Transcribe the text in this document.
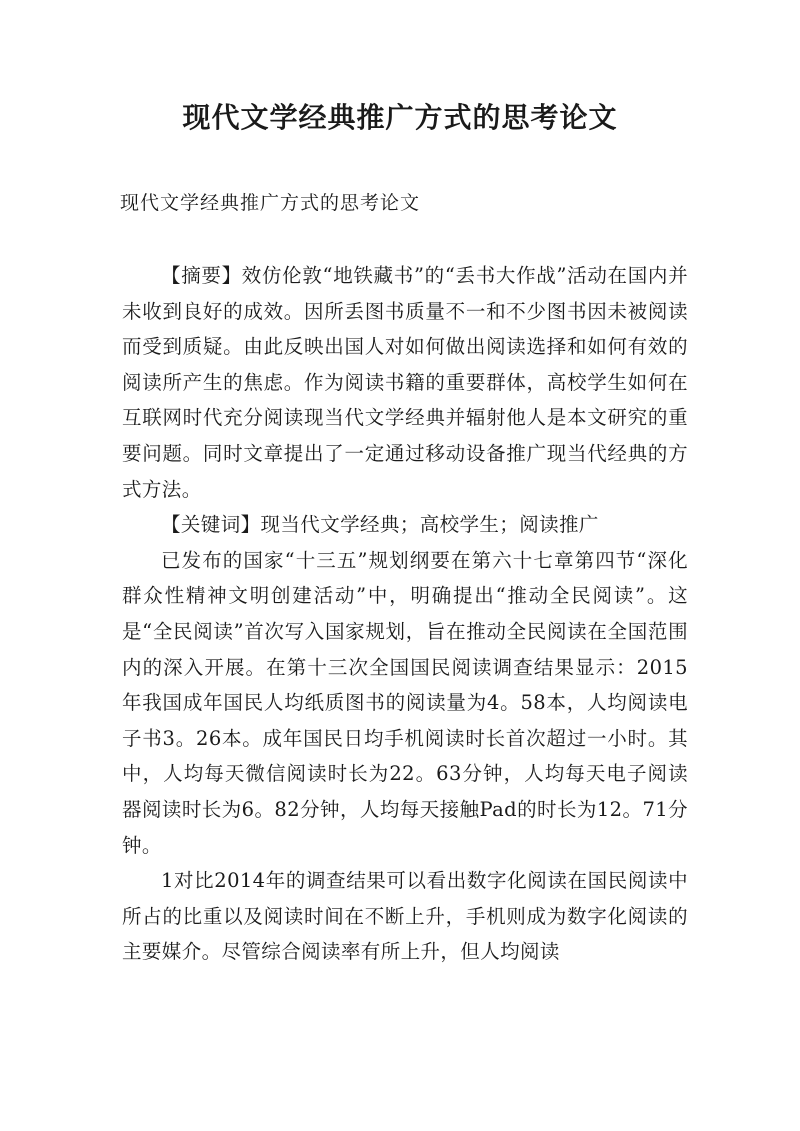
现代文学经典推广方式的思考论文
现代文学经典推广方式的思考论文

【摘要】效仿伦敦“地铁藏书”的“丢书大作战”活动在国内并未收到良好的成效。因所丢图书质量不一和不少图书因未被阅读而受到质疑。由此反映出国人对如何做出阅读选择和如何有效的阅读所产生的焦虑。作为阅读书籍的重要群体，高校学生如何在互联网时代充分阅读现当代文学经典并辐射他人是本文研究的重要问题。同时文章提出了一定通过移动设备推广现当代经典的方式方法。

【关键词】现当代文学经典；高校学生；阅读推广

已发布的国家“十三五”规划纲要在第六十七章第四节“深化群众性精神文明创建活动”中，明确提出“推动全民阅读”。这是“全民阅读”首次写入国家规划，旨在推动全民阅读在全国范围内的深入开展。在第十三次全国国民阅读调查结果显示：2015年我国成年国民人均纸质图书的阅读量为4。58本，人均阅读电子书3。26本。成年国民日均手机阅读时长首次超过一小时。其中，人均每天微信阅读时长为22。63分钟，人均每天电子阅读器阅读时长为6。82分钟，人均每天接触Pad的时长为12。71分钟。

1对比2014年的调查结果可以看出数字化阅读在国民阅读中所占的比重以及阅读时间在不断上升，手机则成为数字化阅读的主要媒介。尽管综合阅读率有所上升，但人均阅读
